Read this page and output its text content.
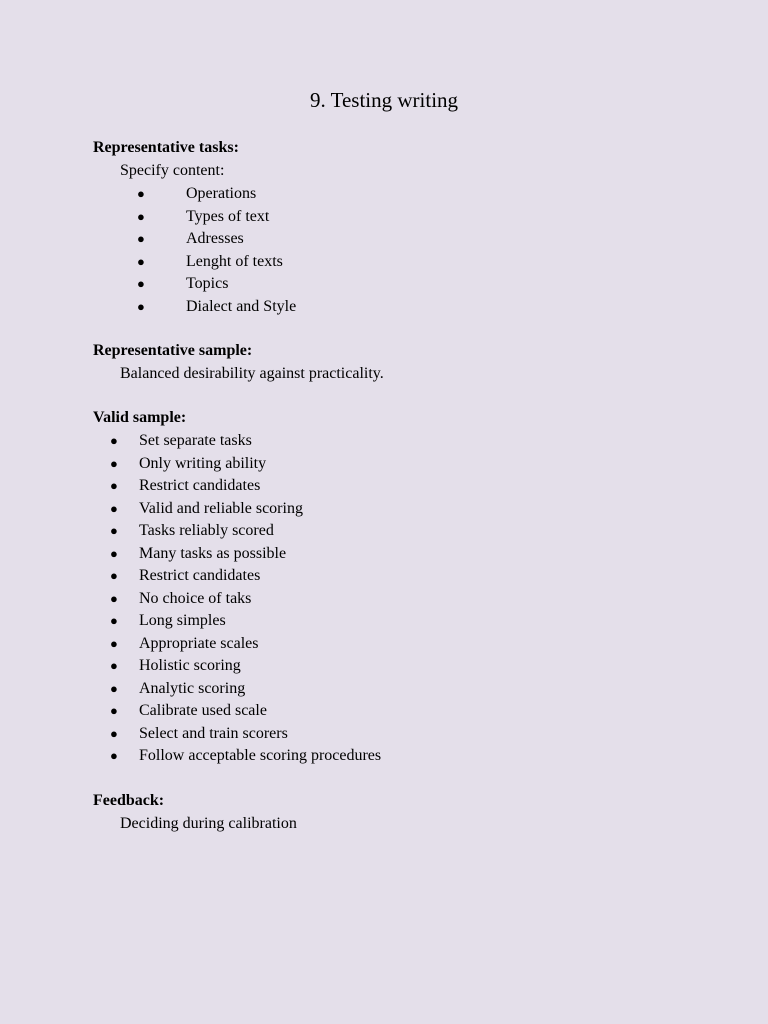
9. Testing writing

Representative tasks:

Specify content:

●	Operations
●	Types of text
●	Adresses
●	Lenght of texts
●	Topics
●	Dialect and Style

Representative sample:

Balanced desirability against practicality.

Valid sample:

● Set separate tasks
● Only writing ability
● Restrict candidates
● Valid and reliable scoring
● Tasks reliably scored
● Many tasks as possible
● Restrict candidates
● No choice of taks
● Long simples
● Appropriate scales
● Holistic scoring
● Analytic scoring
● Calibrate used scale
● Select and train scorers
● Follow acceptable scoring procedures

Feedback:

Deciding during calibration
